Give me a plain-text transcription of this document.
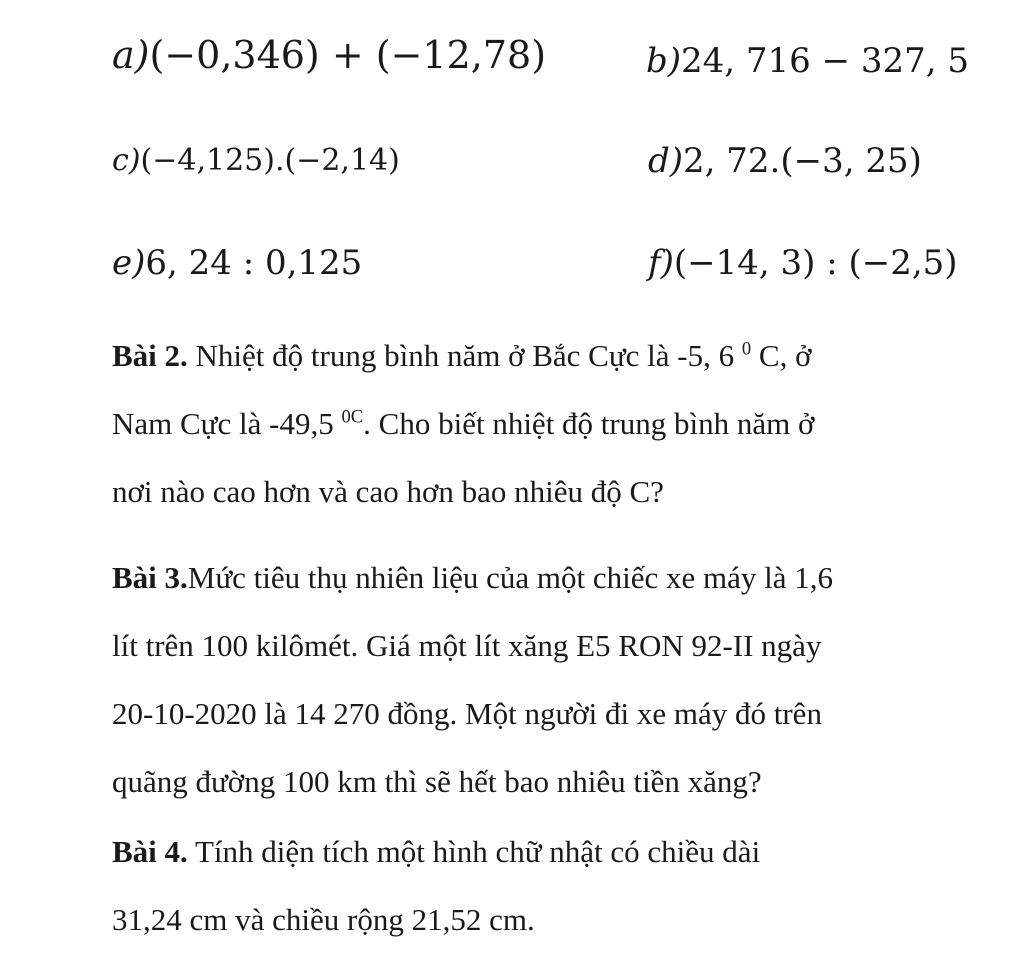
a)(−0,346) + (−12,78)	b)24, 716 − 327, 5
c)(−4,125).(−2,14)	d)2, 72.(−3, 25)
e)6, 24 : 0,125	f)(−14, 3) : (−2,5)

Bài 2. Nhiệt độ trung bình năm ở Bắc Cực là -5, 6 $^0$ C, ở
Nam Cực là -49,5 $^{0C}$. Cho biết nhiệt độ trung bình năm ở
nơi nào cao hơn và cao hơn bao nhiêu độ C?

Bài 3.Mức tiêu thụ nhiên liệu của một chiếc xe máy là 1,6
lít trên 100 kilômét. Giá một lít xăng E5 RON 92-II ngày
20-10-2020 là 14 270 đồng. Một người đi xe máy đó trên
quãng đường 100 km thì sẽ hết bao nhiêu tiền xăng?

Bài 4. Tính diện tích một hình chữ nhật có chiều dài
31,24 cm và chiều rộng 21,52 cm.
